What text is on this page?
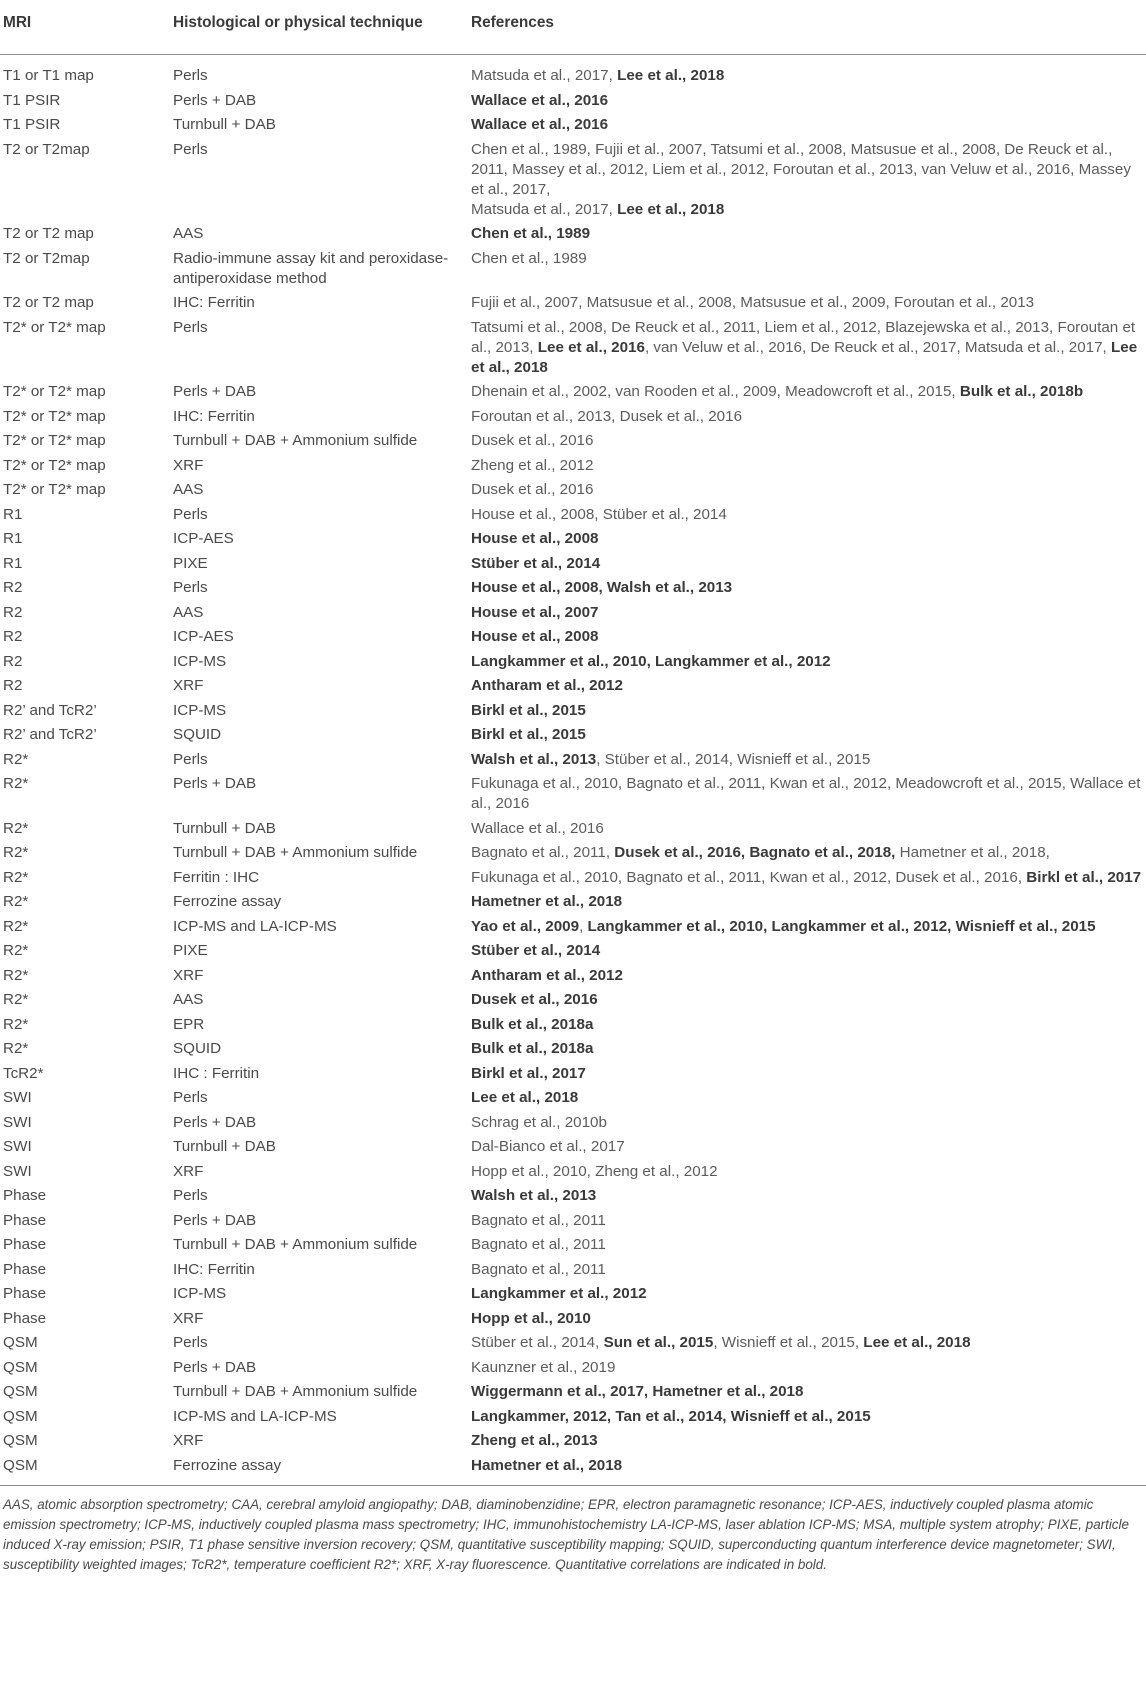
MRI	Histological or physical technique	References
T1 or T1 map	Perls	Matsuda et al., 2017, Lee et al., 2018
T1 PSIR	Perls + DAB	Wallace et al., 2016
T1 PSIR	Turnbull + DAB	Wallace et al., 2016
T2 or T2map	Perls	Chen et al., 1989, Fujii et al., 2007, Tatsumi et al., 2008, Matsusue et al., 2008, De Reuck et al., 2011, Massey et al., 2012, Liem et al., 2012, Foroutan et al., 2013, van Veluw et al., 2016, Massey et al., 2017,
Matsuda et al., 2017, Lee et al., 2018
T2 or T2 map	AAS	Chen et al., 1989
T2 or T2map	Radio-immune assay kit and peroxidase-antiperoxidase method	Chen et al., 1989
T2 or T2 map	IHC: Ferritin	Fujii et al., 2007, Matsusue et al., 2008, Matsusue et al., 2009, Foroutan et al., 2013
T2* or T2* map	Perls	Tatsumi et al., 2008, De Reuck et al., 2011, Liem et al., 2012, Blazejewska et al., 2013, Foroutan et al., 2013, Lee et al., 2016, van Veluw et al., 2016, De Reuck et al., 2017, Matsuda et al., 2017, Lee et al., 2018
T2* or T2* map	Perls + DAB	Dhenain et al., 2002, van Rooden et al., 2009, Meadowcroft et al., 2015, Bulk et al., 2018b
T2* or T2* map	IHC: Ferritin	Foroutan et al., 2013, Dusek et al., 2016
T2* or T2* map	Turnbull + DAB + Ammonium sulfide	Dusek et al., 2016
T2* or T2* map	XRF	Zheng et al., 2012
T2* or T2* map	AAS	Dusek et al., 2016
R1	Perls	House et al., 2008, Stüber et al., 2014
R1	ICP-AES	House et al., 2008
R1	PIXE	Stüber et al., 2014
R2	Perls	House et al., 2008, Walsh et al., 2013
R2	AAS	House et al., 2007
R2	ICP-AES	House et al., 2008
R2	ICP-MS	Langkammer et al., 2010, Langkammer et al., 2012
R2	XRF	Antharam et al., 2012
R2’ and TcR2’	ICP-MS	Birkl et al., 2015
R2’ and TcR2’	SQUID	Birkl et al., 2015
R2*	Perls	Walsh et al., 2013, Stüber et al., 2014, Wisnieff et al., 2015
R2*	Perls + DAB	Fukunaga et al., 2010, Bagnato et al., 2011, Kwan et al., 2012, Meadowcroft et al., 2015, Wallace et al., 2016
R2*	Turnbull + DAB	Wallace et al., 2016
R2*	Turnbull + DAB + Ammonium sulfide	Bagnato et al., 2011, Dusek et al., 2016, Bagnato et al., 2018, Hametner et al., 2018,
R2*	Ferritin : IHC	Fukunaga et al., 2010, Bagnato et al., 2011, Kwan et al., 2012, Dusek et al., 2016, Birkl et al., 2017
R2*	Ferrozine assay	Hametner et al., 2018
R2*	ICP-MS and LA-ICP-MS	Yao et al., 2009, Langkammer et al., 2010, Langkammer et al., 2012, Wisnieff et al., 2015
R2*	PIXE	Stüber et al., 2014
R2*	XRF	Antharam et al., 2012
R2*	AAS	Dusek et al., 2016
R2*	EPR	Bulk et al., 2018a
R2*	SQUID	Bulk et al., 2018a
TcR2*	IHC : Ferritin	Birkl et al., 2017
SWI	Perls	Lee et al., 2018
SWI	Perls + DAB	Schrag et al., 2010b
SWI	Turnbull + DAB	Dal-Bianco et al., 2017
SWI	XRF	Hopp et al., 2010, Zheng et al., 2012
Phase	Perls	Walsh et al., 2013
Phase	Perls + DAB	Bagnato et al., 2011
Phase	Turnbull + DAB + Ammonium sulfide	Bagnato et al., 2011
Phase	IHC: Ferritin	Bagnato et al., 2011
Phase	ICP-MS	Langkammer et al., 2012
Phase	XRF	Hopp et al., 2010
QSM	Perls	Stüber et al., 2014, Sun et al., 2015, Wisnieff et al., 2015, Lee et al., 2018
QSM	Perls + DAB	Kaunzner et al., 2019
QSM	Turnbull + DAB + Ammonium sulfide	Wiggermann et al., 2017, Hametner et al., 2018
QSM	ICP-MS and LA-ICP-MS	Langkammer, 2012, Tan et al., 2014, Wisnieff et al., 2015
QSM	XRF	Zheng et al., 2013
QSM	Ferrozine assay	Hametner et al., 2018

AAS, atomic absorption spectrometry; CAA, cerebral amyloid angiopathy; DAB, diaminobenzidine; EPR, electron paramagnetic resonance; ICP-AES, inductively coupled plasma atomic emission spectrometry; ICP-MS, inductively coupled plasma mass spectrometry; IHC, immunohistochemistry LA-ICP-MS, laser ablation ICP-MS; MSA, multiple system atrophy; PIXE, particle induced X-ray emission; PSIR, T1 phase sensitive inversion recovery; QSM, quantitative susceptibility mapping; SQUID, superconducting quantum interference device magnetometer; SWI, susceptibility weighted images; TcR2*, temperature coefficient R2*; XRF, X-ray fluorescence. Quantitative correlations are indicated in bold.
